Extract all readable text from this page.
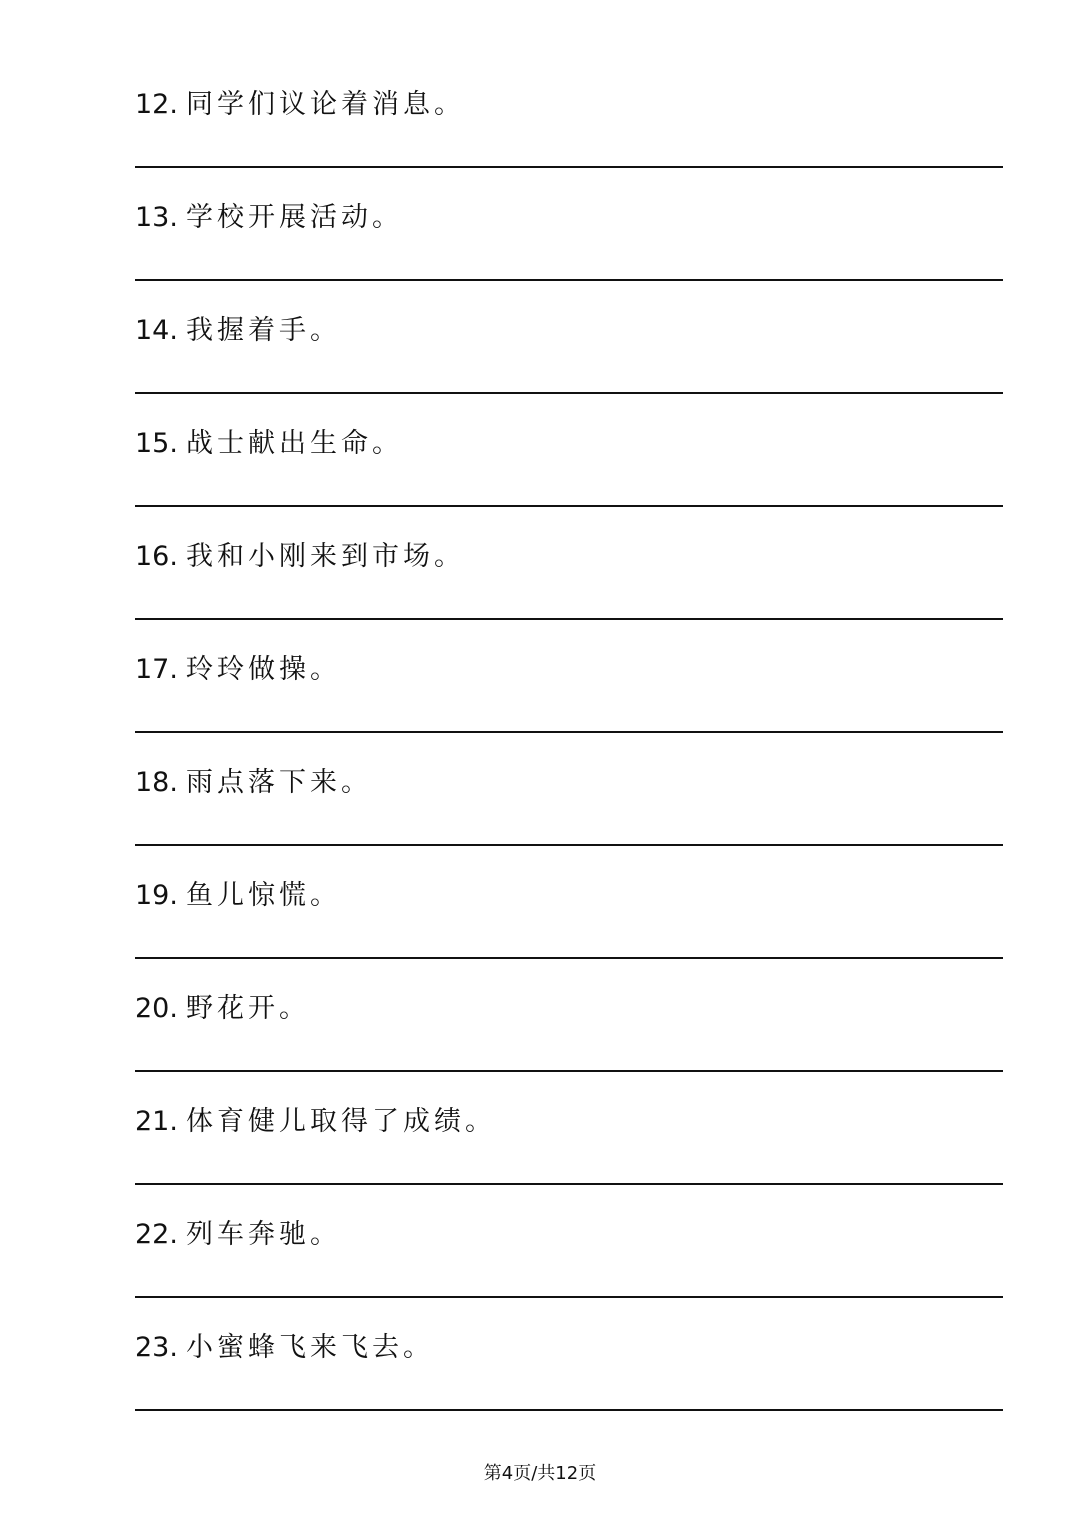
12. 同学们议论着消息。
13. 学校开展活动。
14. 我握着手。
15. 战士献出生命。
16. 我和小刚来到市场。
17. 玲玲做操。
18. 雨点落下来。
19. 鱼儿惊慌。
20. 野花开。
21. 体育健儿取得了成绩。
22. 列车奔驰。
23. 小蜜蜂飞来飞去。
第4页/共12页
